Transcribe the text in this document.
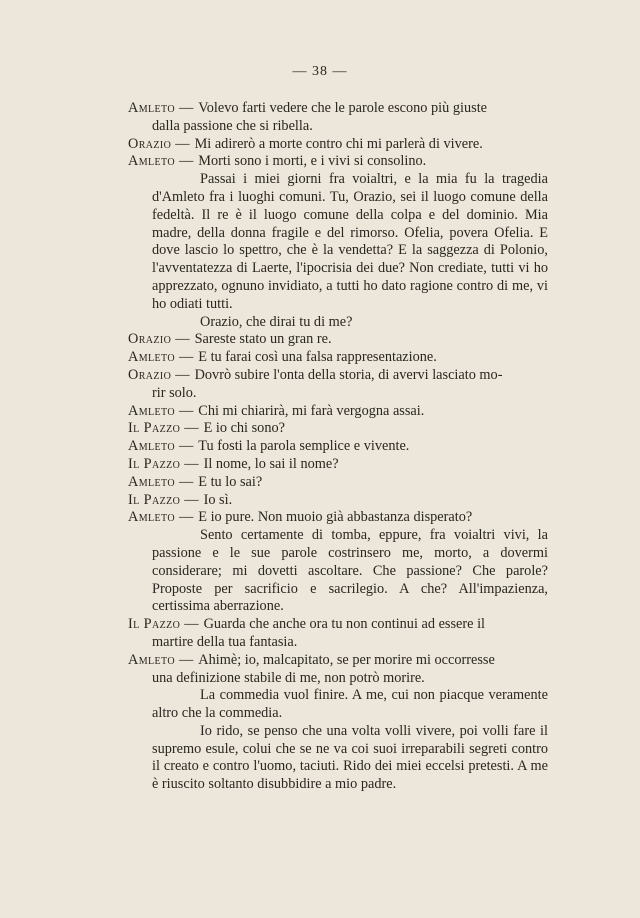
— 38 —
Amleto — Volevo farti vedere che le parole escono più giuste
dalla passione che si ribella.
Orazio — Mi adirerò a morte contro chi mi parlerà di vivere.
Amleto — Morti sono i morti, e i vivi si consolino.
Passai i miei giorni fra voialtri, e la mia fu la tragedia d'Amleto fra i luoghi comuni. Tu, Orazio, sei il luogo comune della fedeltà. Il re è il luogo comune della colpa e del dominio. Mia madre, della donna fragile e del rimorso. Ofelia, povera Ofelia. E dove lascio lo spettro, che è la vendetta? E la saggezza di Polonio, l'avventatezza di Laerte, l'ipocrisia dei due? Non crediate, tutti vi ho apprezzato, ognuno invidiato, a tutti ho dato ragione contro di me, vi ho odiati tutti.
Orazio, che dirai tu di me?
Orazio — Sareste stato un gran re.
Amleto — E tu farai così una falsa rappresentazione.
Orazio — Dovrò subire l'onta della storia, di avervi lasciato mo-
rir solo.
Amleto — Chi mi chiarirà, mi farà vergogna assai.
Il Pazzo — E io chi sono?
Amleto — Tu fosti la parola semplice e vivente.
Il Pazzo — Il nome, lo sai il nome?
Amleto — E tu lo sai?
Il Pazzo — Io sì.
Amleto — E io pure. Non muoio già abbastanza disperato?
Sento certamente di tomba, eppure, fra voialtri vivi, la passione e le sue parole costrinsero me, morto, a dovermi considerare; mi dovetti ascoltare. Che passione? Che parole? Proposte per sacrificio e sacrilegio. A che? All'impazienza, certissima aberrazione.
Il Pazzo — Guarda che anche ora tu non continui ad essere il
martire della tua fantasia.
Amleto — Ahimè; io, malcapitato, se per morire mi occorresse
una definizione stabile di me, non potrò morire.
La commedia vuol finire. A me, cui non piacque veramente altro che la commedia.
Io rido, se penso che una volta volli vivere, poi volli fare il supremo esule, colui che se ne va coi suoi irreparabili segreti contro il creato e contro l'uomo, taciuti. Rido dei miei eccelsi pretesti. A me è riuscito soltanto disubbidire a mio padre.
